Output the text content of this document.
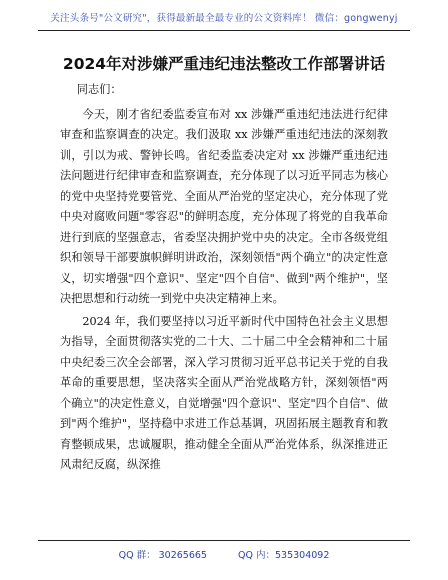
关注头条号"公文研究"，获得最新最全最专业的公文资料库！ 微信：gongwenyj
2024年对涉嫌严重违纪违法整改工作部署讲话

同志们：

今天，刚才省纪委监委宣布对 xx 涉嫌严重违纪违法进行纪律审查和监察调查的决定。我们汲取 xx 涉嫌严重违纪违法的深刻教训，引以为戒、警钟长鸣。省纪委监委决定对 xx 涉嫌严重违纪违法问题进行纪律审查和监察调查，充分体现了以习近平同志为核心的党中央坚持党要管党、全面从严治党的坚定决心，充分体现了党中央对腐败问题"零容忍"的鲜明态度，充分体现了将党的自我革命进行到底的坚强意志，省委坚决拥护党中央的决定。全市各级党组织和领导干部要旗帜鲜明讲政治，深刻领悟"两个确立"的决定性意义，切实增强"四个意识"、坚定"四个自信"、做到"两个维护"，坚决把思想和行动统一到党中央决定精神上来。

2024 年，我们要坚持以习近平新时代中国特色社会主义思想为指导，全面贯彻落实党的二十大、二十届二中全会精神和二十届中央纪委三次全会部署，深入学习贯彻习近平总书记关于党的自我革命的重要思想，坚决落实全面从严治党战略方针，深刻领悟"两个确立"的决定性意义，自觉增强"四个意识"、坚定"四个自信"、做到"两个维护"，坚持稳中求进工作总基调，巩固拓展主题教育和教育整顿成果，忠诚履职，推动健全全面从严治党体系，纵深推进正风肃纪反腐，纵深推

QQ 群： 30265665	QQ 内：535304092
